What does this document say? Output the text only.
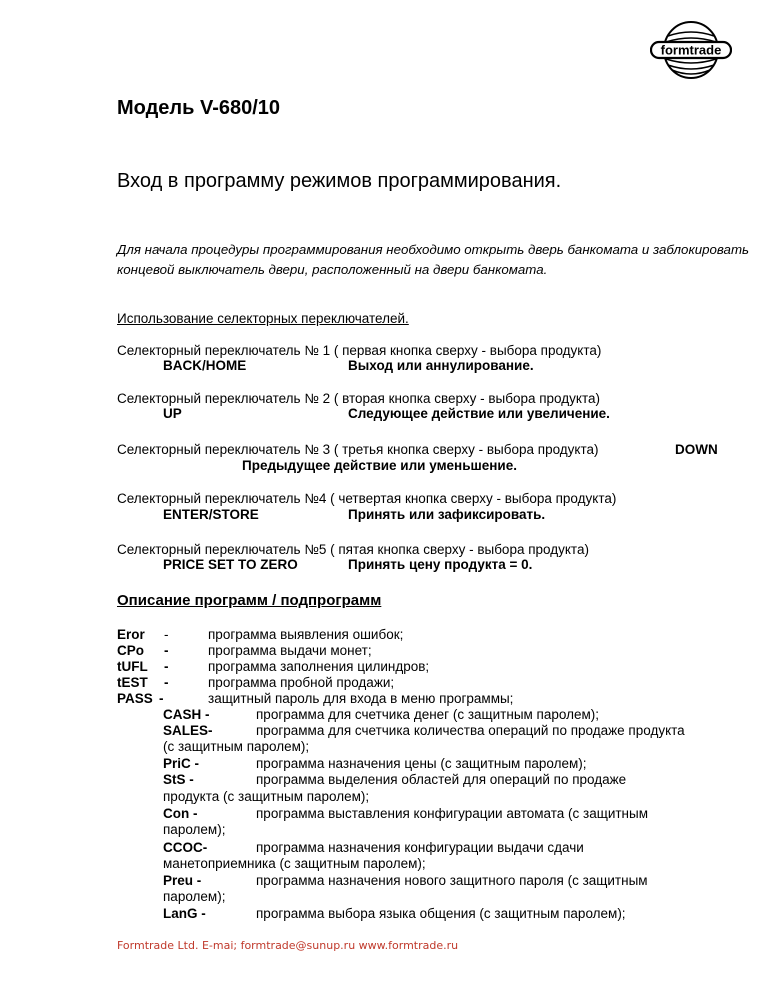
formtrade
Модель V-680/10
Вход в программу режимов программирования.
Для начала процедуры программирования необходимо открыть дверь банкомата и заблокировать концевой выключатель двери, расположенный на двери банкомата.
Использование селекторных переключателей.
Селекторный переключатель № 1 ( первая кнопка сверху - выбора продукта)
BACK/HOME	Выход или аннулирование.
Селекторный переключатель № 2 ( вторая кнопка сверху - выбора продукта)
UP	Следующее действие или увеличение.
Селекторный переключатель № 3 ( третья кнопка сверху - выбора продукта)	DOWN
Предыдущее действие или уменьшение.
Селекторный переключатель №4 ( четвертая кнопка сверху - выбора продукта)
ENTER/STORE	Принять или зафиксировать.
Селекторный переключатель №5 ( пятая кнопка сверху - выбора продукта)
PRICE SET TO ZERO	Принять цену продукта = 0.
Описание программ / подпрограмм
Eror -	программа выявления ошибок;
CPo -	программа выдачи монет;
tUFL -	программа заполнения цилиндров;
tEST -	программа пробной продажи;
PASS -	защитный пароль для входа в меню программы;
CASH -	программа для счетчика денег (с защитным паролем);
SALES-	программа для счетчика количества операций по продаже продукта
(с защитным паролем);
PriC -	программа назначения цены (с защитным паролем);
StS -	программа выделения областей для операций по продаже
продукта (с защитным паролем);
Con -	программа выставления конфигурации автомата (с защитным
паролем);
CCOC-	программа назначения конфигурации выдачи сдачи
манетоприемника (с защитным паролем);
Preu -	программа назначения нового защитного пароля (с защитным
паролем);
LanG -	программа выбора языка общения (с защитным паролем);
Formtrade Ltd. E-mai; formtrade@sunup.ru www.formtrade.ru
